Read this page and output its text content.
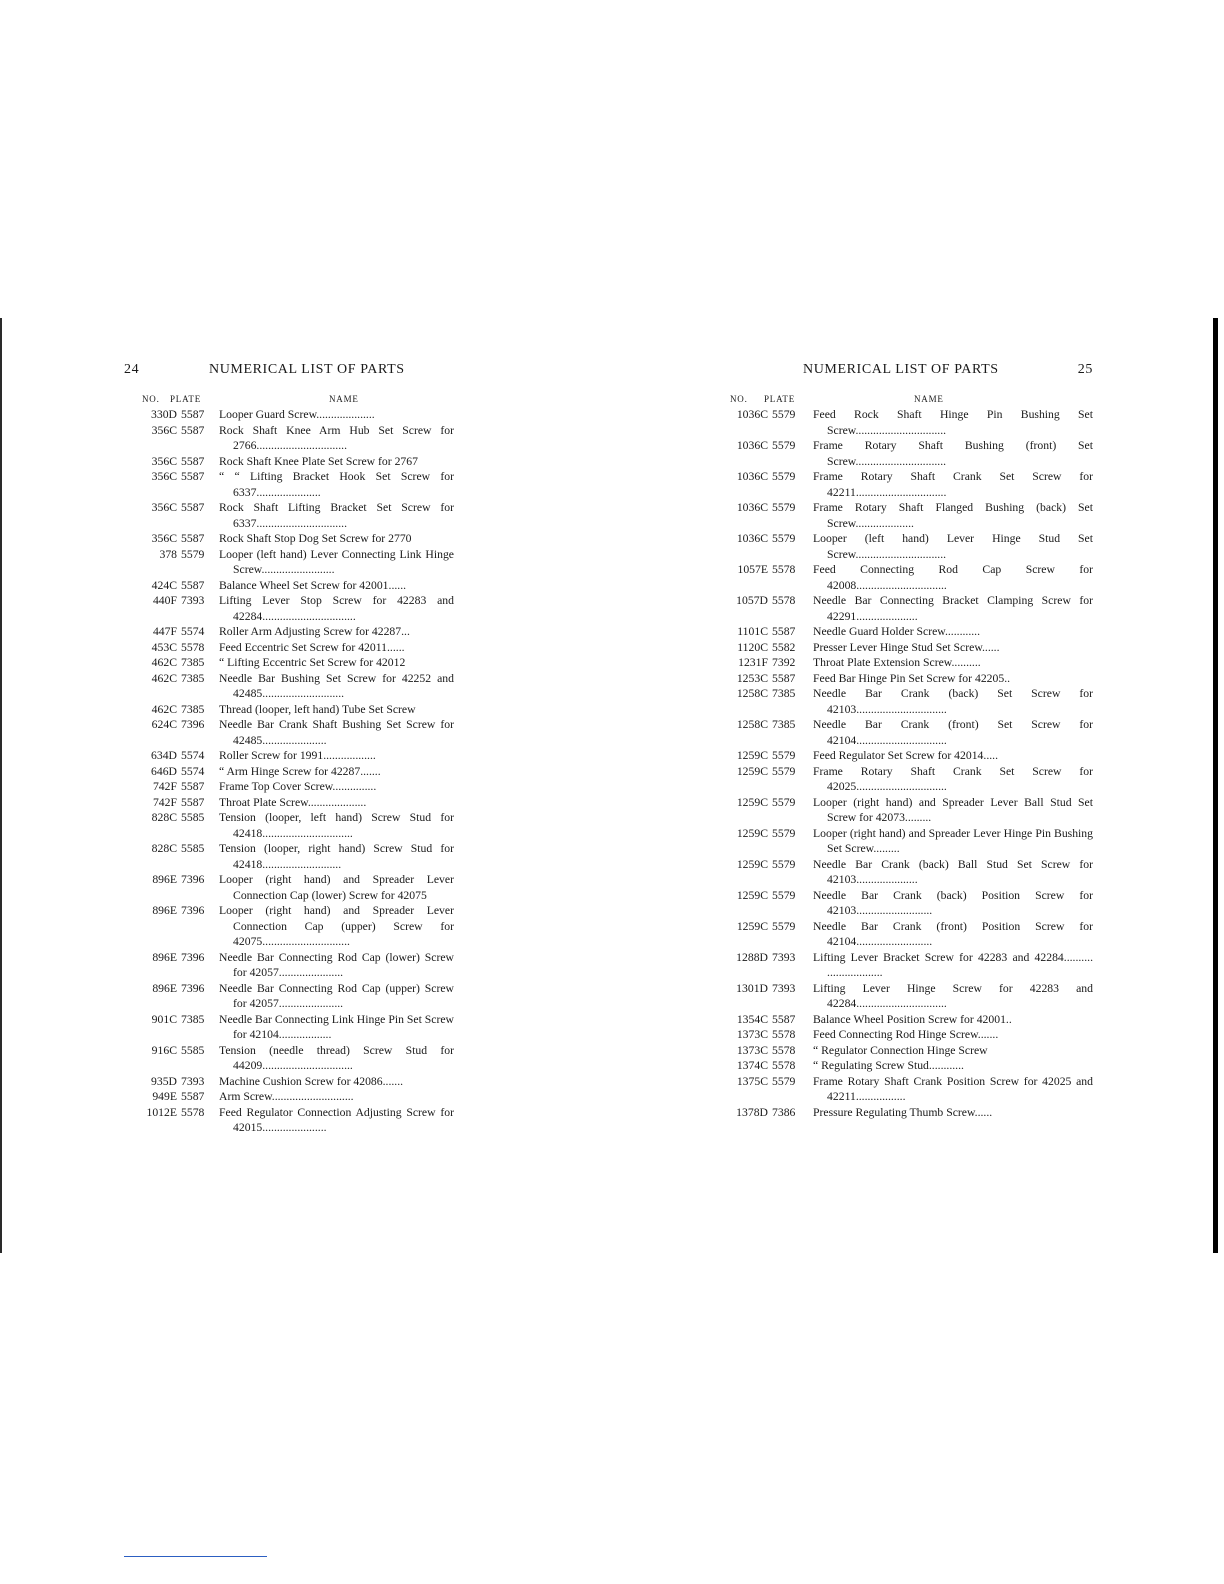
24	NUMERICAL LIST OF PARTS
NO. PLATE	NAME
330D 5587	Looper Guard Screw....................
356C 5587	Rock Shaft Knee Arm Hub Set Screw for 2766...............................
356C 5587	Rock Shaft Knee Plate Set Screw for 2767
356C 5587	“ “ Lifting Bracket Hook Set Screw for 6337......................
356C 5587	Rock Shaft Lifting Bracket Set Screw for 6337...............................
356C 5587	Rock Shaft Stop Dog Set Screw for 2770
378 5579	Looper (left hand) Lever Connecting Link Hinge Screw.........................
424C 5587	Balance Wheel Set Screw for 42001......
440F 7393	Lifting Lever Stop Screw for 42283 and 42284................................
447F 5574	Roller Arm Adjusting Screw for 42287...
453C 5578	Feed Eccentric Set Screw for 42011......
462C 7385	“ Lifting Eccentric Set Screw for 42012
462C 7385	Needle Bar Bushing Set Screw for 42252 and 42485............................
462C 7385	Thread (looper, left hand) Tube Set Screw
624C 7396	Needle Bar Crank Shaft Bushing Set Screw for 42485......................
634D 5574	Roller Screw for 1991..................
646D 5574	“ Arm Hinge Screw for 42287.......
742F 5587	Frame Top Cover Screw...............
742F 5587	Throat Plate Screw....................
828C 5585	Tension (looper, left hand) Screw Stud for 42418...............................
828C 5585	Tension (looper, right hand) Screw Stud for 42418...........................
896E 7396	Looper (right hand) and Spreader Lever Connection Cap (lower) Screw for 42075
896E 7396	Looper (right hand) and Spreader Lever Connection Cap (upper) Screw for 42075..............................
896E 7396	Needle Bar Connecting Rod Cap (lower) Screw for 42057......................
896E 7396	Needle Bar Connecting Rod Cap (upper) Screw for 42057......................
901C 7385	Needle Bar Connecting Link Hinge Pin Set Screw for 42104..................
916C 5585	Tension (needle thread) Screw Stud for 44209...............................
935D 7393	Machine Cushion Screw for 42086.......
949E 5587	Arm Screw............................
1012E 5578	Feed Regulator Connection Adjusting Screw for 42015......................
NUMERICAL LIST OF PARTS	25
NO. PLATE	NAME
1036C 5579	Feed Rock Shaft Hinge Pin Bushing Set Screw...............................
1036C 5579	Frame Rotary Shaft Bushing (front) Set Screw...............................
1036C 5579	Frame Rotary Shaft Crank Set Screw for 42211...............................
1036C 5579	Frame Rotary Shaft Flanged Bushing (back) Set Screw....................
1036C 5579	Looper (left hand) Lever Hinge Stud Set Screw...............................
1057E 5578	Feed Connecting Rod Cap Screw for 42008...............................
1057D 5578	Needle Bar Connecting Bracket Clamping Screw for 42291.....................
1101C 5587	Needle Guard Holder Screw............
1120C 5582	Presser Lever Hinge Stud Set Screw......
1231F 7392	Throat Plate Extension Screw..........
1253C 5587	Feed Bar Hinge Pin Set Screw for 42205..
1258C 7385	Needle Bar Crank (back) Set Screw for 42103...............................
1258C 7385	Needle Bar Crank (front) Set Screw for 42104...............................
1259C 5579	Feed Regulator Set Screw for 42014.....
1259C 5579	Frame Rotary Shaft Crank Set Screw for 42025...............................
1259C 5579	Looper (right hand) and Spreader Lever Ball Stud Set Screw for 42073.........
1259C 5579	Looper (right hand) and Spreader Lever Hinge Pin Bushing Set Screw.........
1259C 5579	Needle Bar Crank (back) Ball Stud Set Screw for 42103.....................
1259C 5579	Needle Bar Crank (back) Position Screw for 42103..........................
1259C 5579	Needle Bar Crank (front) Position Screw for 42104..........................
1288D 7393	Lifting Lever Bracket Screw for 42283 and 42284.......... ...................
1301D 7393	Lifting Lever Hinge Screw for 42283 and 42284...............................
1354C 5587	Balance Wheel Position Screw for 42001..
1373C 5578	Feed Connecting Rod Hinge Screw.......
1373C 5578	“ Regulator Connection Hinge Screw
1374C 5578	“ Regulating Screw Stud............
1375C 5579	Frame Rotary Shaft Crank Position Screw for 42025 and 42211.................
1378D 7386	Pressure Regulating Thumb Screw......
